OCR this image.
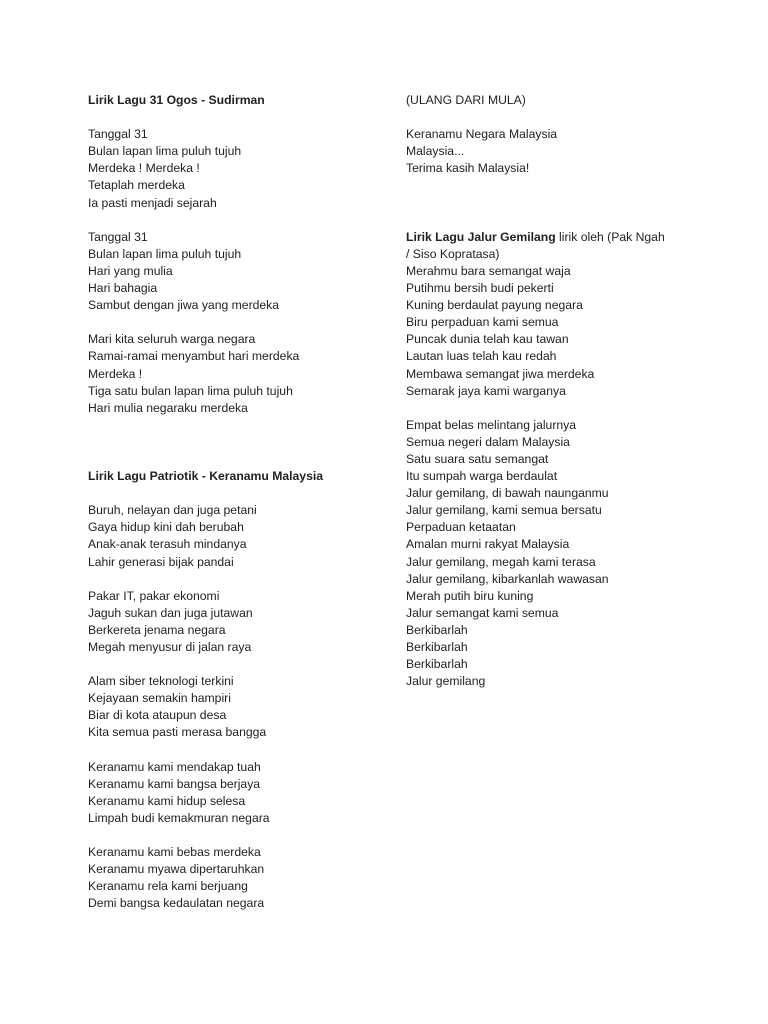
Lirik Lagu 31 Ogos - Sudirman
Tanggal 31
Bulan lapan lima puluh tujuh
Merdeka ! Merdeka !
Tetaplah merdeka
Ia pasti menjadi sejarah
Tanggal 31
Bulan lapan lima puluh tujuh
Hari yang mulia
Hari bahagia
Sambut dengan jiwa yang merdeka
Mari kita seluruh warga negara
Ramai-ramai menyambut hari merdeka
Merdeka !
Tiga satu bulan lapan lima puluh tujuh
Hari mulia negaraku merdeka
Lirik Lagu Patriotik - Keranamu Malaysia
Buruh, nelayan dan juga petani
Gaya hidup kini dah berubah
Anak-anak terasuh mindanya
Lahir generasi bijak pandai
Pakar IT, pakar ekonomi
Jaguh sukan dan juga jutawan
Berkereta jenama negara
Megah menyusur di jalan raya
Alam siber teknologi terkini
Kejayaan semakin hampiri
Biar di kota ataupun desa
Kita semua pasti merasa bangga
Keranamu kami mendakap tuah
Keranamu kami bangsa berjaya
Keranamu kami hidup selesa
Limpah budi kemakmuran negara
Keranamu kami bebas merdeka
Keranamu myawa dipertaruhkan
Keranamu rela kami berjuang
Demi bangsa kedaulatan negara
(ULANG DARI MULA)
Keranamu Negara Malaysia
Malaysia...
Terima kasih Malaysia!
Lirik Lagu Jalur Gemilang lirik oleh (Pak Ngah
/ Siso Kopratasa)
Merahmu bara semangat waja
Putihmu bersih budi pekerti
Kuning berdaulat payung negara
Biru perpaduan kami semua
Puncak dunia telah kau tawan
Lautan luas telah kau redah
Membawa semangat jiwa merdeka
Semarak jaya kami warganya
Empat belas melintang jalurnya
Semua negeri dalam Malaysia
Satu suara satu semangat
Itu sumpah warga berdaulat
Jalur gemilang, di bawah naunganmu
Jalur gemilang, kami semua bersatu
Perpaduan ketaatan
Amalan murni rakyat Malaysia
Jalur gemilang, megah kami terasa
Jalur gemilang, kibarkanlah wawasan
Merah putih biru kuning
Jalur semangat kami semua
Berkibarlah
Berkibarlah
Berkibarlah
Jalur gemilang
